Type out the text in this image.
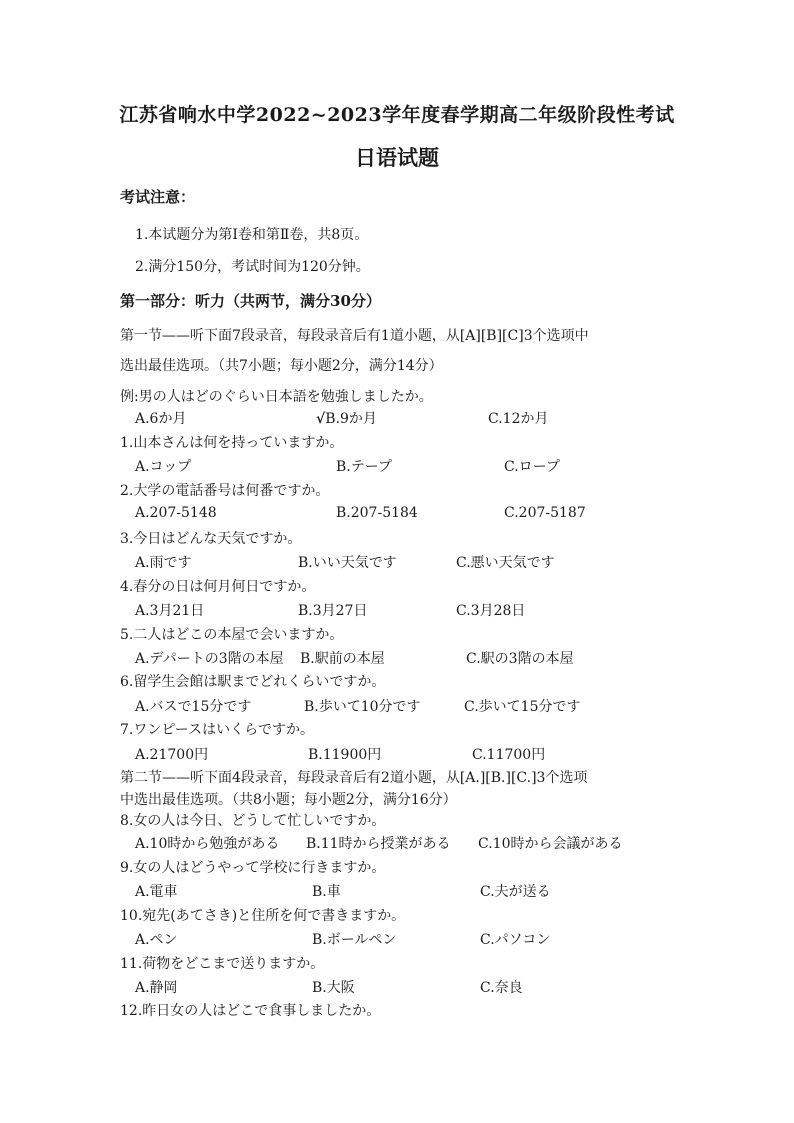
江苏省响水中学2022~2023学年度春学期高二年级阶段性考试
日语试题
考试注意：
1.本试题分为第Ⅰ卷和第Ⅱ卷，共8页。
2.满分150分，考试时间为120分钟。
第一部分：听力（共两节，满分30分）
第一节——听下面7段录音，每段录音后有1道小题，从[A][B][C]3个选项中
选出最佳选项。（共7小题；每小题2分，满分14分）
例:男の人はどのぐらい日本語を勉強しましたか。
A.6か月	√B.9か月	C.12か月
1.山本さんは何を持っていますか。
A.コップ	B.テープ	C.ロープ
2.大学の電話番号は何番ですか。
A.207-5148	B.207-5184	C.207-5187
3.今日はどんな天気ですか。
A.雨です	B.いい天気です	C.悪い天気です
4.春分の日は何月何日ですか。
A.3月21日	B.3月27日	C.3月28日
5.二人はどこの本屋で会いますか。
A.デパートの3階の本屋 B.駅前の本屋	C.駅の3階の本屋
6.留学生会館は駅までどれくらいですか。
A.バスで15分です	B.歩いて10分です	C.歩いて15分です
7.ワンピースはいくらですか。
A.21700円	B.11900円	C.11700円
第二节——听下面4段录音，每段录音后有2道小题，从[A.][B.][C.]3个选项
中选出最佳选项。（共8小题；每小题2分，满分16分）
8.女の人は今日、どうして忙しいですか。
A.10時から勉強がある B.11時から授業がある C.10時から会議がある
9.女の人はどうやって学校に行きますか。
A.電車	B.車	C.夫が送る
10.宛先(あてさき)と住所を何で書きますか。
A.ペン	B.ボールペン	C.パソコン
11.荷物をどこまで送りますか。
A.静岡	B.大阪	C.奈良
12.昨日女の人はどこで食事しましたか。
